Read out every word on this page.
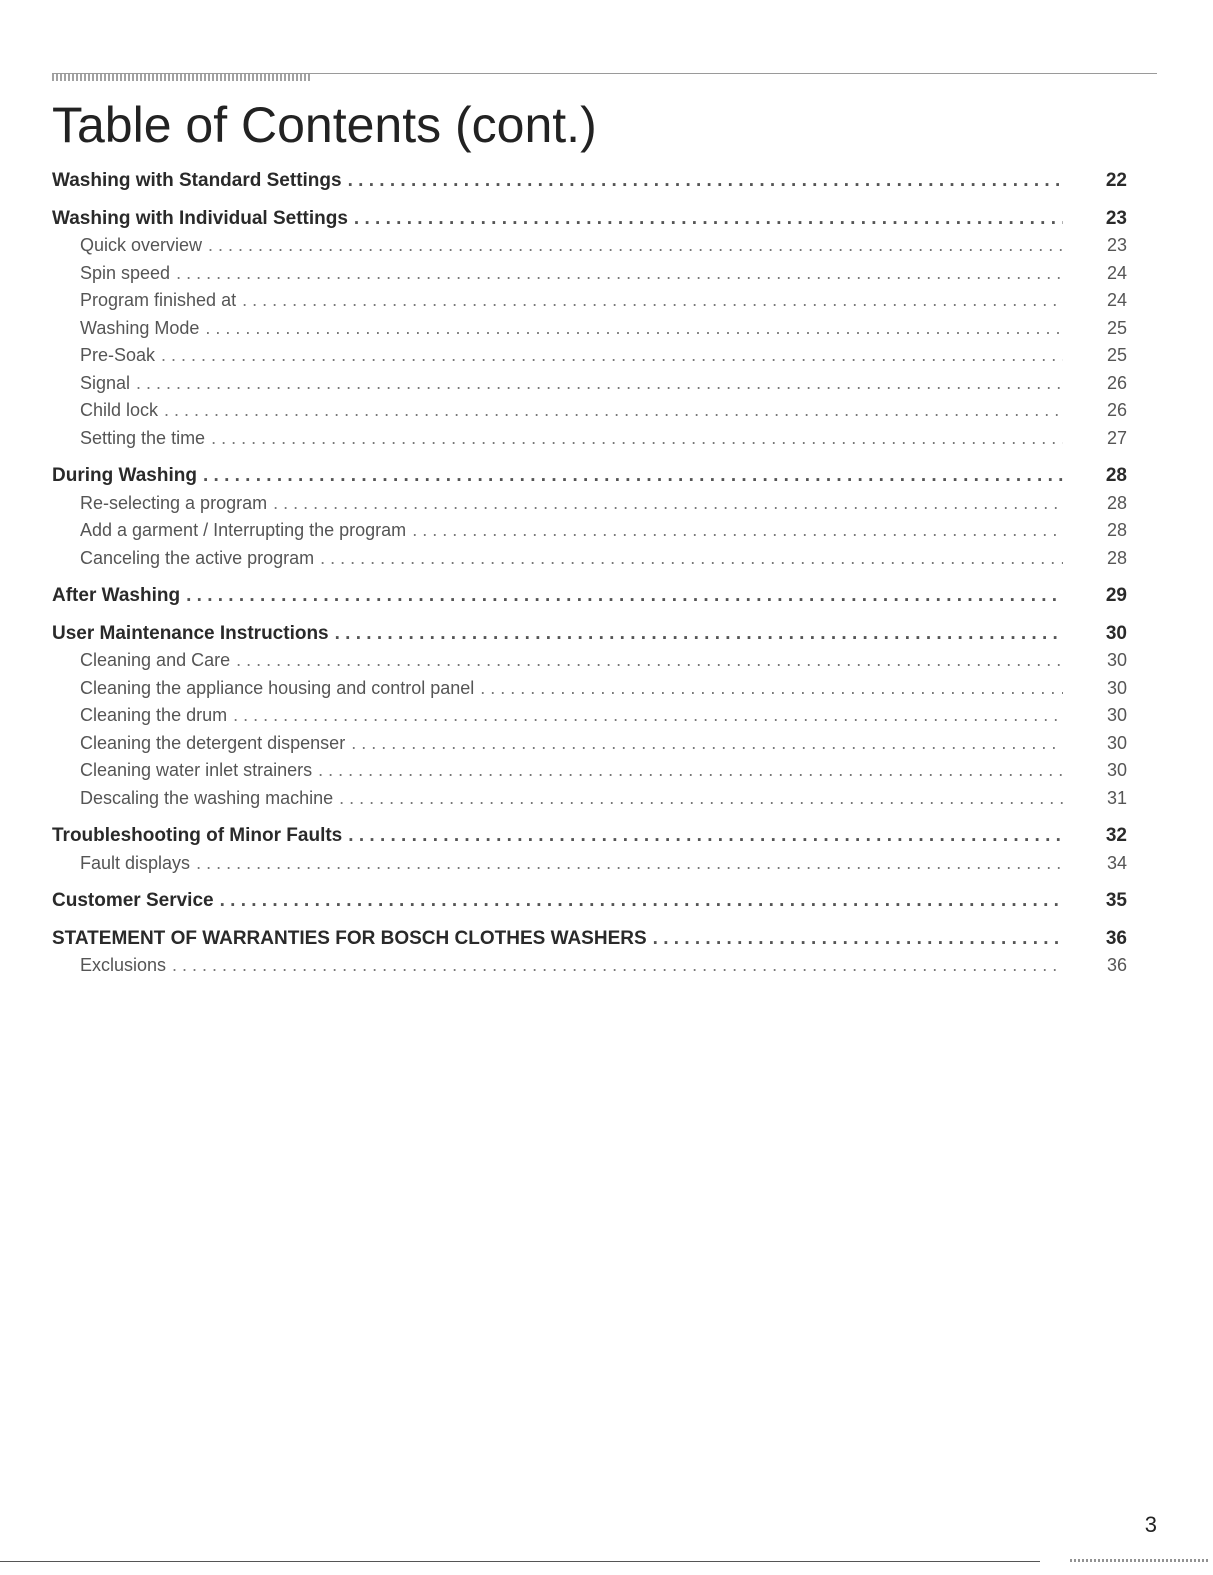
Table of Contents (cont.)
Washing with Standard Settings . . .	22
Washing with Individual Settings . . .	23
Quick overview . . .	23
Spin speed . . .	24
Program finished at . . .	24
Washing Mode . . .	25
Pre-Soak . . .	25
Signal . . .	26
Child lock . . .	26
Setting the time . . .	27
During Washing . . .	28
Re-selecting a program . . .	28
Add a garment / Interrupting the program . . .	28
Canceling the active program . . .	28
After Washing . . .	29
User Maintenance Instructions . . .	30
Cleaning and Care . . .	30
Cleaning the appliance housing and control panel . . .	30
Cleaning the drum . . .	30
Cleaning the detergent dispenser . . .	30
Cleaning water inlet strainers . . .	30
Descaling the washing machine . . .	31
Troubleshooting of Minor Faults . . .	32
Fault displays . . .	34
Customer Service . . .	35
STATEMENT OF WARRANTIES FOR BOSCH CLOTHES WASHERS . . .	36
Exclusions . . .	36
3
